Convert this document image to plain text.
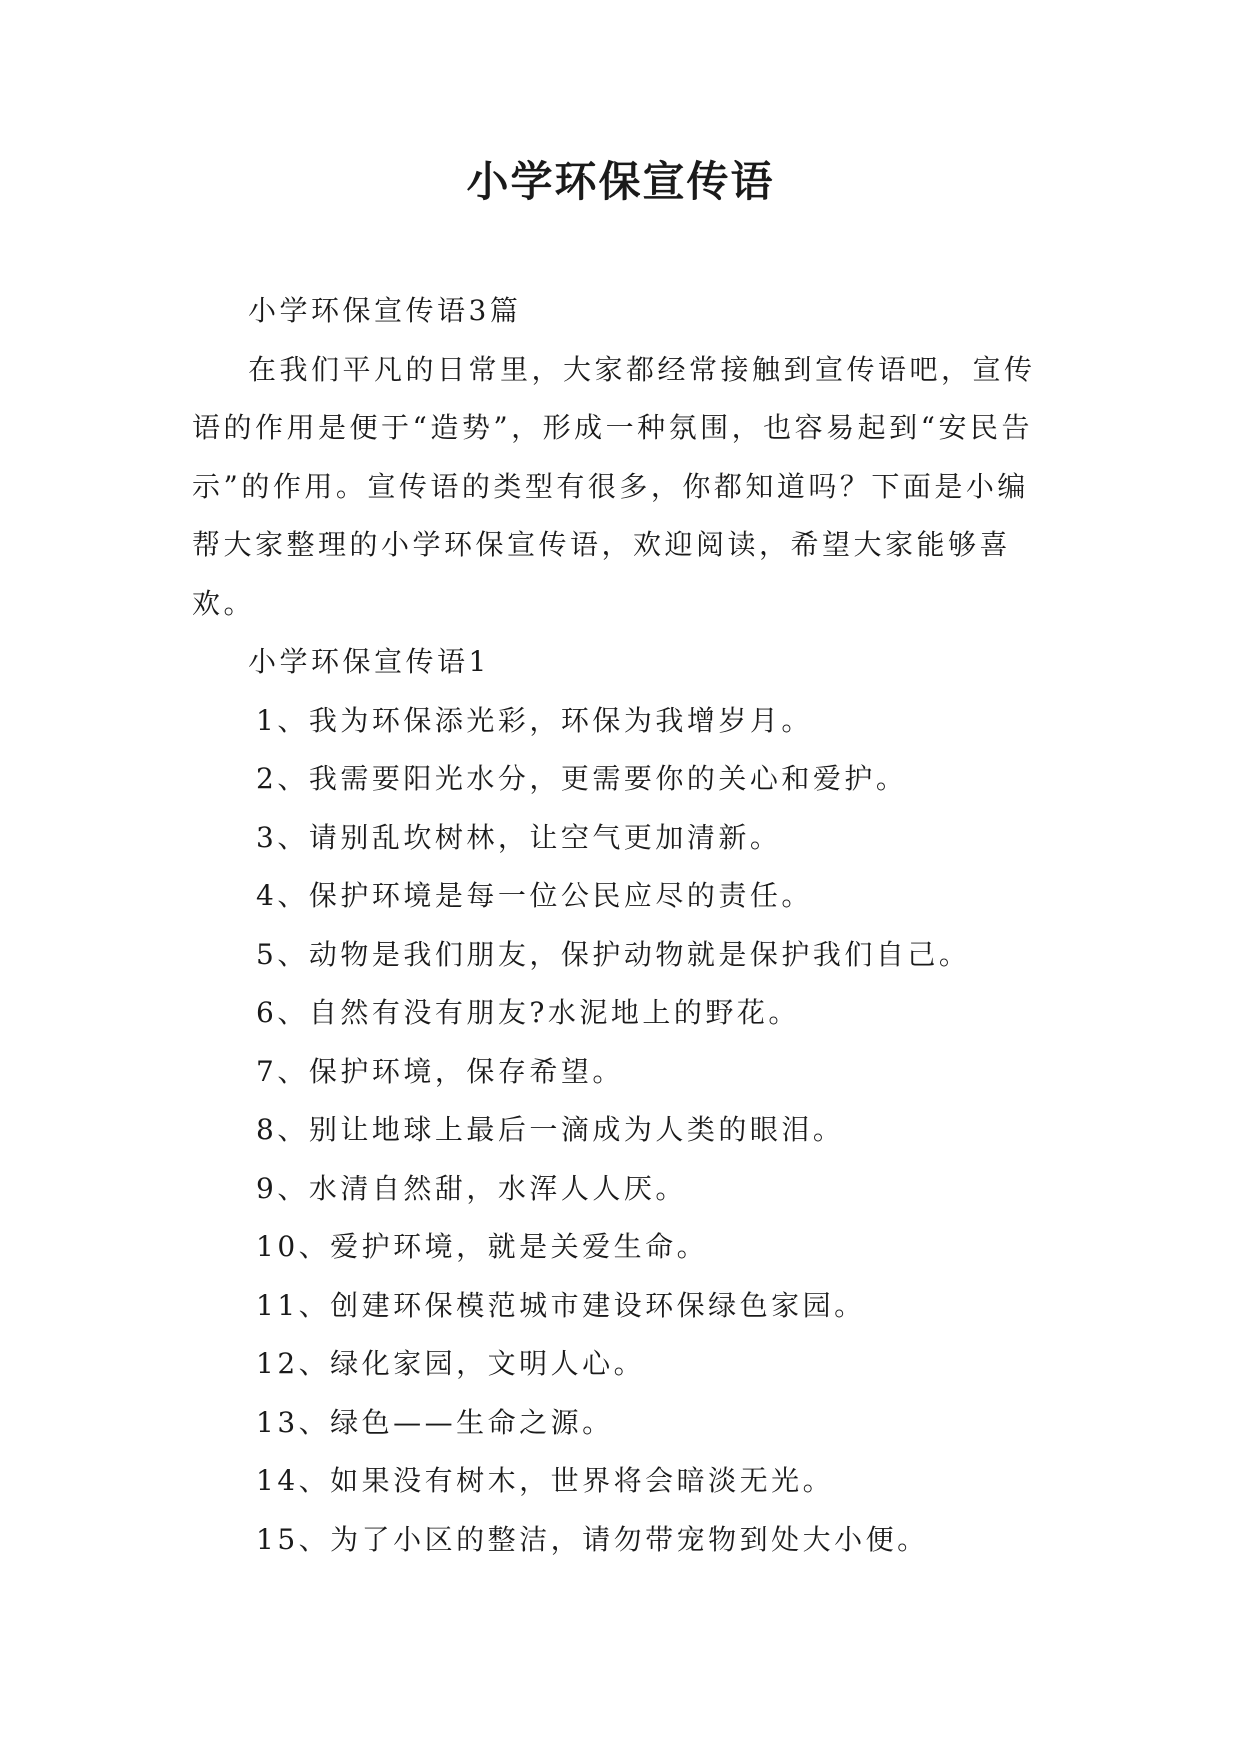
小学环保宣传语

小学环保宣传语3篇

在我们平凡的日常里，大家都经常接触到宣传语吧，宣传语的作用是便于“造势”，形成一种氛围，也容易起到“安民告示”的作用。宣传语的类型有很多，你都知道吗？下面是小编帮大家整理的小学环保宣传语，欢迎阅读，希望大家能够喜欢。

小学环保宣传语1

1、我为环保添光彩，环保为我增岁月。
2、我需要阳光水分，更需要你的关心和爱护。
3、请别乱坎树林，让空气更加清新。
4、保护环境是每一位公民应尽的责任。
5、动物是我们朋友，保护动物就是保护我们自己。
6、自然有没有朋友?水泥地上的野花。
7、保护环境，保存希望。
8、别让地球上最后一滴成为人类的眼泪。
9、水清自然甜，水浑人人厌。
10、爱护环境，就是关爱生命。
11、创建环保模范城市建设环保绿色家园。
12、绿化家园，文明人心。
13、绿色——生命之源。
14、如果没有树木，世界将会暗淡无光。
15、为了小区的整洁，请勿带宠物到处大小便。
